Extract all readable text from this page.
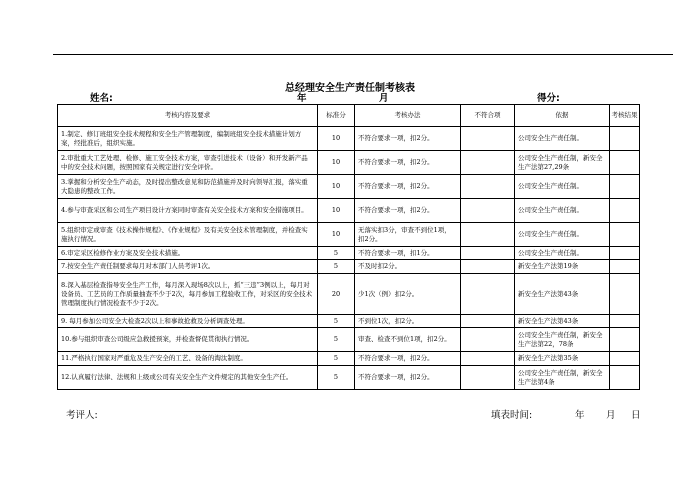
总经理安全生产责任制考核表
姓名:	年	月	得分:
考核内容及要求	标准分	考核办法	不符合项	依据	考核结果
1.制定、修订班组安全技术规程和安全生产管理制度，编制班组安全技术措施计划方案，经批准后，组织实施。	10	不符合要求一项，扣2分。		公司安全生产责任制。	
2.审批重大工艺处理、检修、施工安全技术方案，审查引进技术（设备）和开发新产品中的安全技术问题，按照国家有关规定进行安全评价。	10	不符合要求一项，扣2分。		公司安全生产责任制，新安全生产法第27,29条	
3.掌握和分析安全生产动态，及时提出整改意见和防范措施并及时向领导汇报，落实重大隐患的整改工作。	10	不符合要求一项，扣2分。		公司安全生产责任制。	
4.参与审查采区和公司生产项目设计方案同时审查有关安全技术方案和安全措施项目。	10	不符合要求一项，扣2分。		公司安全生产责任制。	
5.组织审定或审查《技术操作规程》、《作业规程》及有关安全技术管理制度，并检查实施执行情况。	10	无落实扣3分，审查不到位1项，扣2分。		公司安全生产责任制。	
6.审定采区检修作业方案及安全技术措施。	5	不符合要求一项，扣1分。		公司安全生产责任制。	
7.按安全生产责任制要求每月对本部门人员考评1次。	5	不及时扣2分。		新安全生产法第19条	
8.深入基层检查指导安全生产工作，每月深入现场8次以上，抓“三违”3例以上，每月对设备员、工艺员的工作质量抽查不少于2次，每月参加工程验收工作，对采区的安全技术管理制度执行情况检查不少于2次。	20	少1次（例）扣2分。		新安全生产法第43条	
9. 每月参加公司安全大检查2次以上和事故抢救及分析调查处理。	5	不到位1次，扣2分。		新安全生产法第43条	
10.参与组织审查公司级应急救援预案，并检查督促贯彻执行情况。	5	审查、检查不到位1项，扣2分。		公司安全生产责任制，新安全生产法第22，78条	
11.严格执行国家对严重危及生产安全的工艺、设备的淘汰制度。	5	不符合要求一项，扣2分。		新安全生产法第35条	
12.认真履行法律、法规和上级或公司有关安全生产文件规定的其他安全生产任。	5	不符合要求一项，扣2分。		公司安全生产责任制，新安全生产法第4条	
考评人:	填表时间:	年 月 日
